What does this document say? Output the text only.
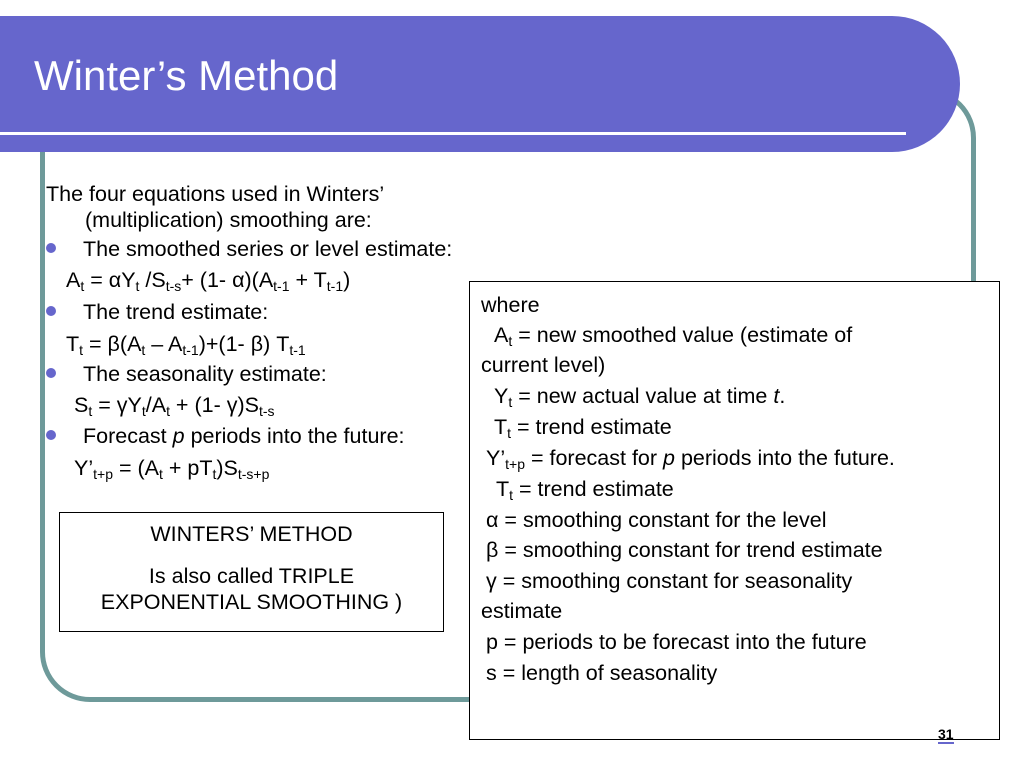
Winter’s Method
The four equations used in Winters’
(multiplication) smoothing are:
The smoothed series or level estimate:
$A_t = \alpha Y_t$ $/S_{t-s}+ (1-$ $\alpha)(A_{t-1} + T_{t-1})$
The trend estimate:
$T_t = \beta(A_t - A_{t-1})+(1-$ β) $T_{t-1}$
The seasonality estimate:
$S_t = \gamma Y_t/A_t + (1-$ $\gamma)S_{t-s}$
Forecast p periods into the future:
$Y’_{t+p} = (A_t + pT_t)S_{t-s+p}$
WINTERS’ METHOD
Is also called TRIPLE
EXPONENTIAL SMOOTHING )
where
$A_t$ = new smoothed value (estimate of
current level)
$Y_t$ = new actual value at time t.
$T_t$ = trend estimate
$Y’_{t+p}$ = forecast for p periods into the future.
$T_t$ = trend estimate
α = smoothing constant for the level
β = smoothing constant for trend estimate
γ = smoothing constant for seasonality
estimate
p = periods to be forecast into the future
s = length of seasonality
31
